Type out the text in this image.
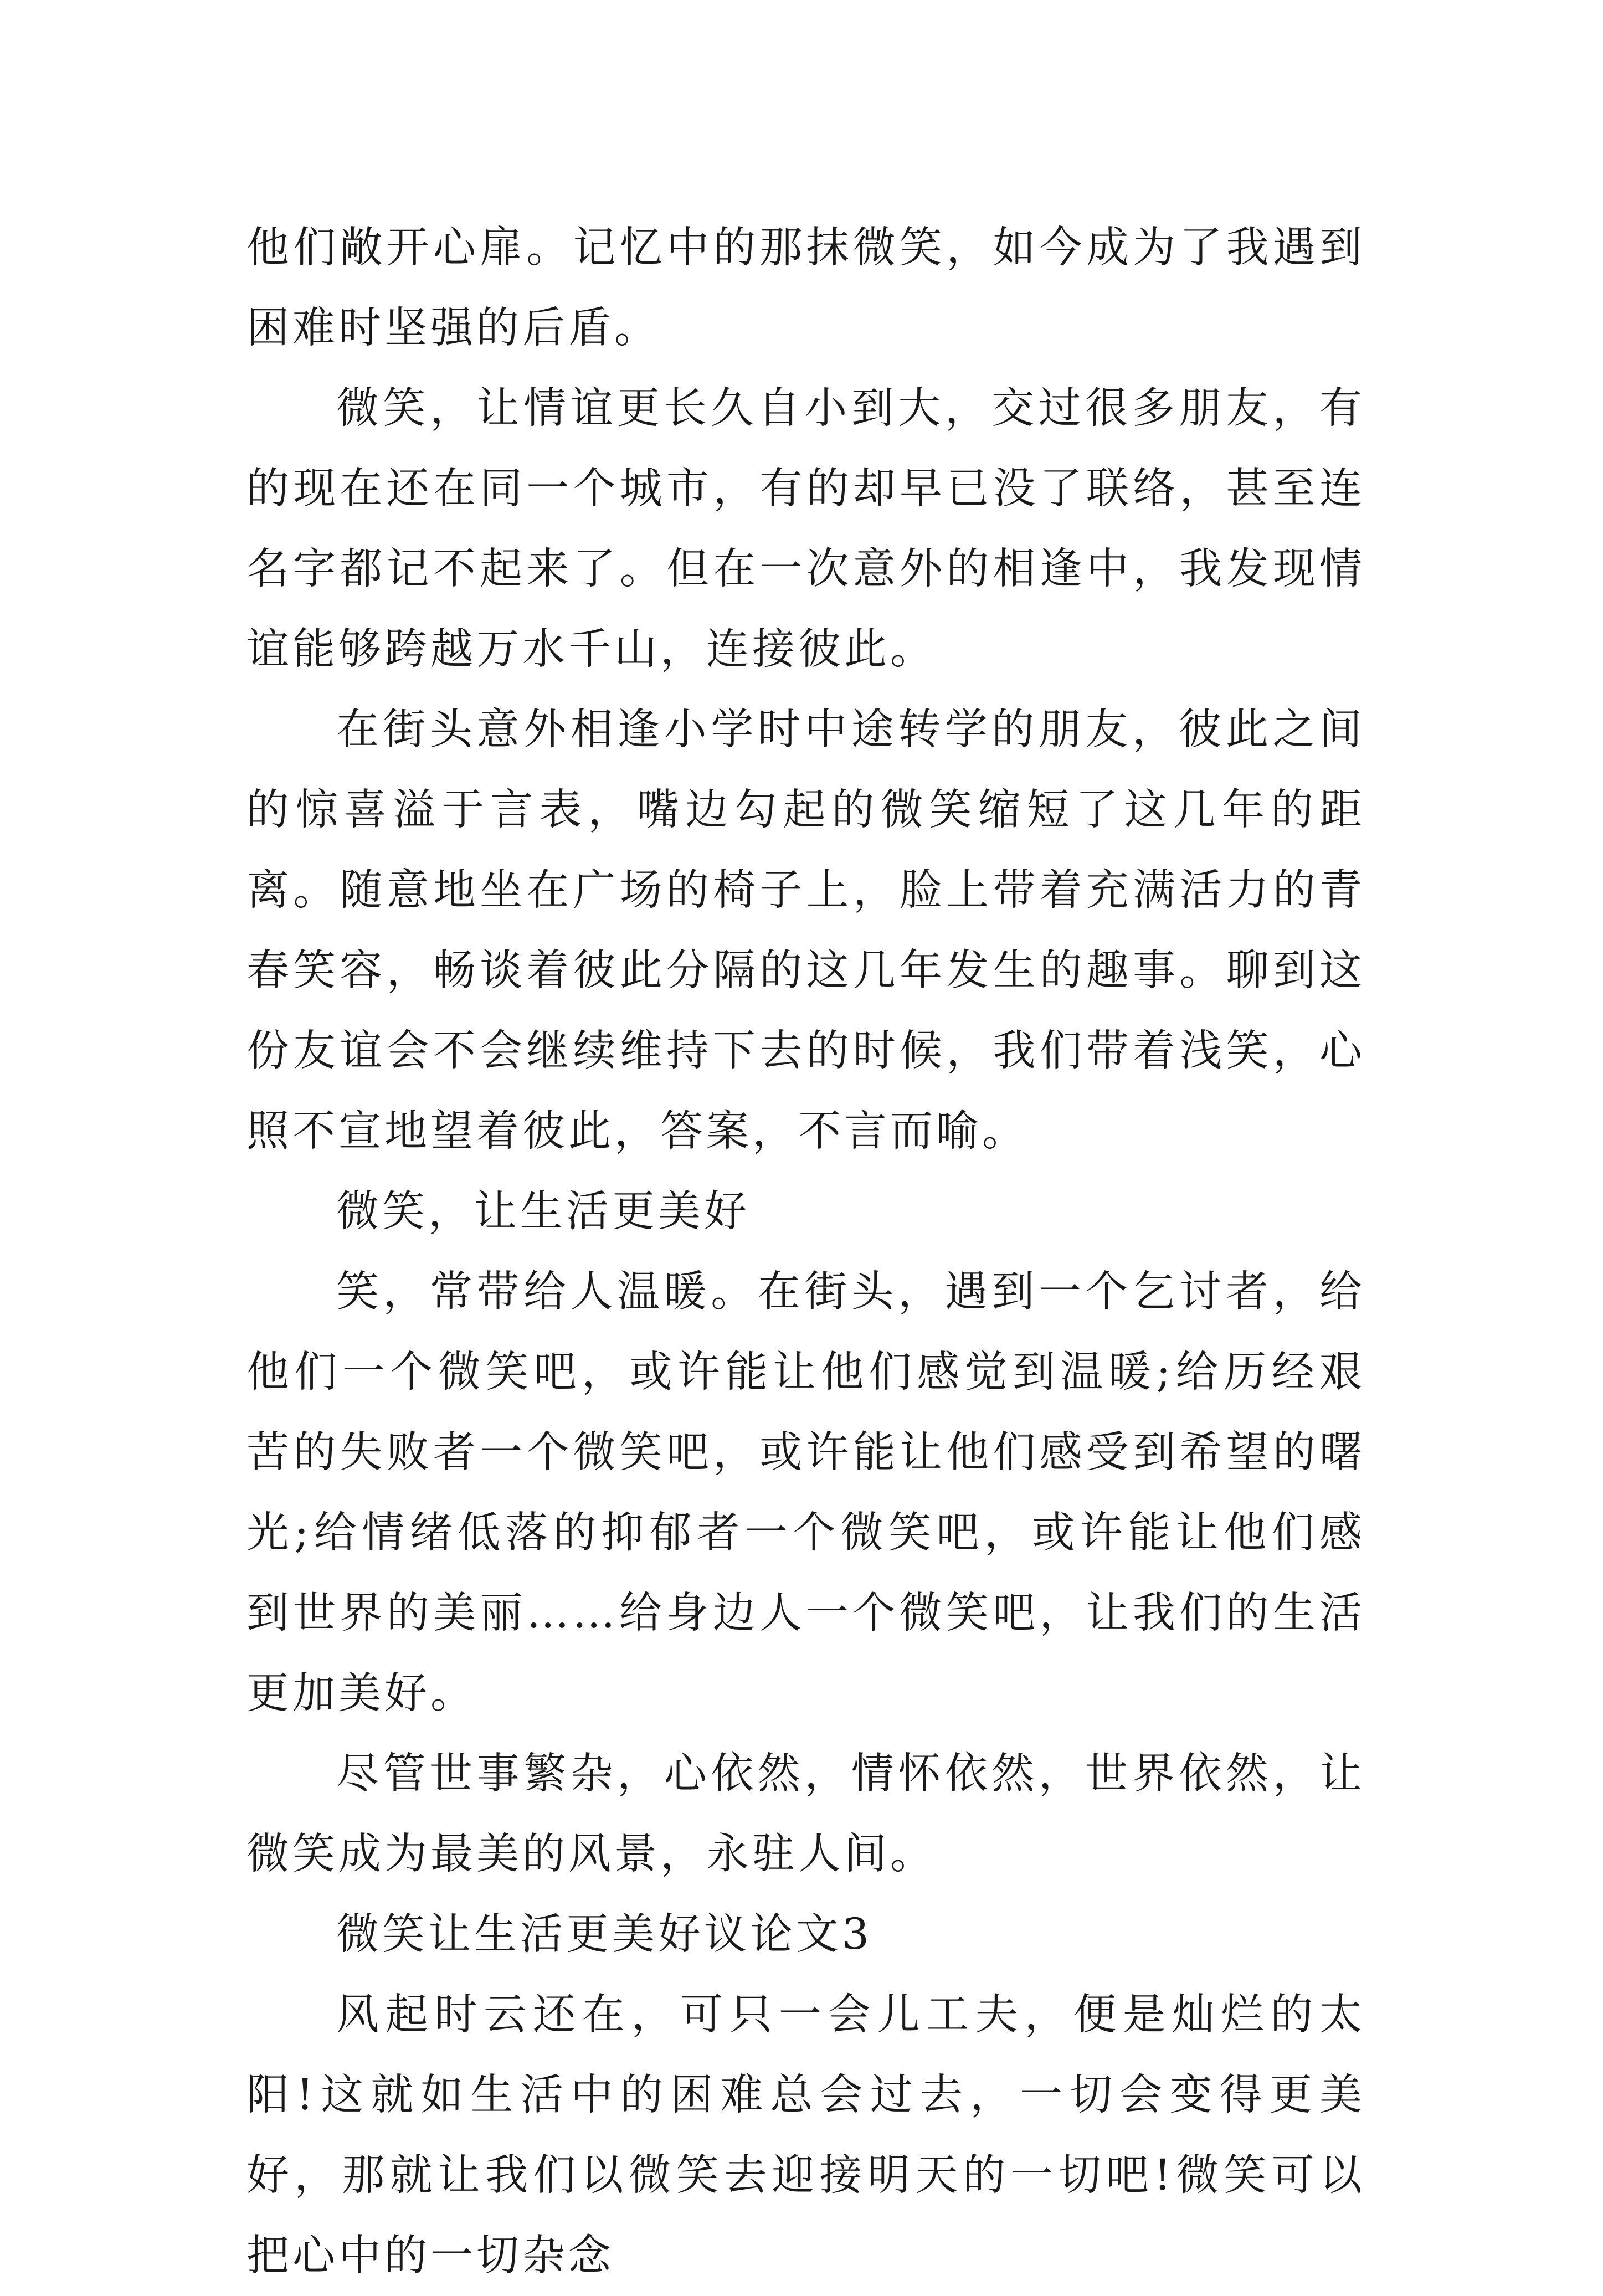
他们敞开心扉。记忆中的那抹微笑，如今成为了我遇到困难时坚强的后盾。

微笑，让情谊更长久自小到大，交过很多朋友，有的现在还在同一个城市，有的却早已没了联络，甚至连名字都记不起来了。但在一次意外的相逢中，我发现情谊能够跨越万水千山，连接彼此。

在街头意外相逢小学时中途转学的朋友，彼此之间的惊喜溢于言表，嘴边勾起的微笑缩短了这几年的距离。随意地坐在广场的椅子上，脸上带着充满活力的青春笑容，畅谈着彼此分隔的这几年发生的趣事。聊到这份友谊会不会继续维持下去的时候，我们带着浅笑，心照不宣地望着彼此，答案，不言而喻。

微笑，让生活更美好

笑，常带给人温暖。在街头，遇到一个乞讨者，给他们一个微笑吧，或许能让他们感觉到温暖;给历经艰苦的失败者一个微笑吧，或许能让他们感受到希望的曙光;给情绪低落的抑郁者一个微笑吧，或许能让他们感到世界的美丽……给身边人一个微笑吧，让我们的生活更加美好。

尽管世事繁杂，心依然，情怀依然，世界依然，让微笑成为最美的风景，永驻人间。

微笑让生活更美好议论文3

风起时云还在，可只一会儿工夫，便是灿烂的太阳!这就如生活中的困难总会过去，一切会变得更美好，那就让我们以微笑去迎接明天的一切吧!微笑可以把心中的一切杂念
